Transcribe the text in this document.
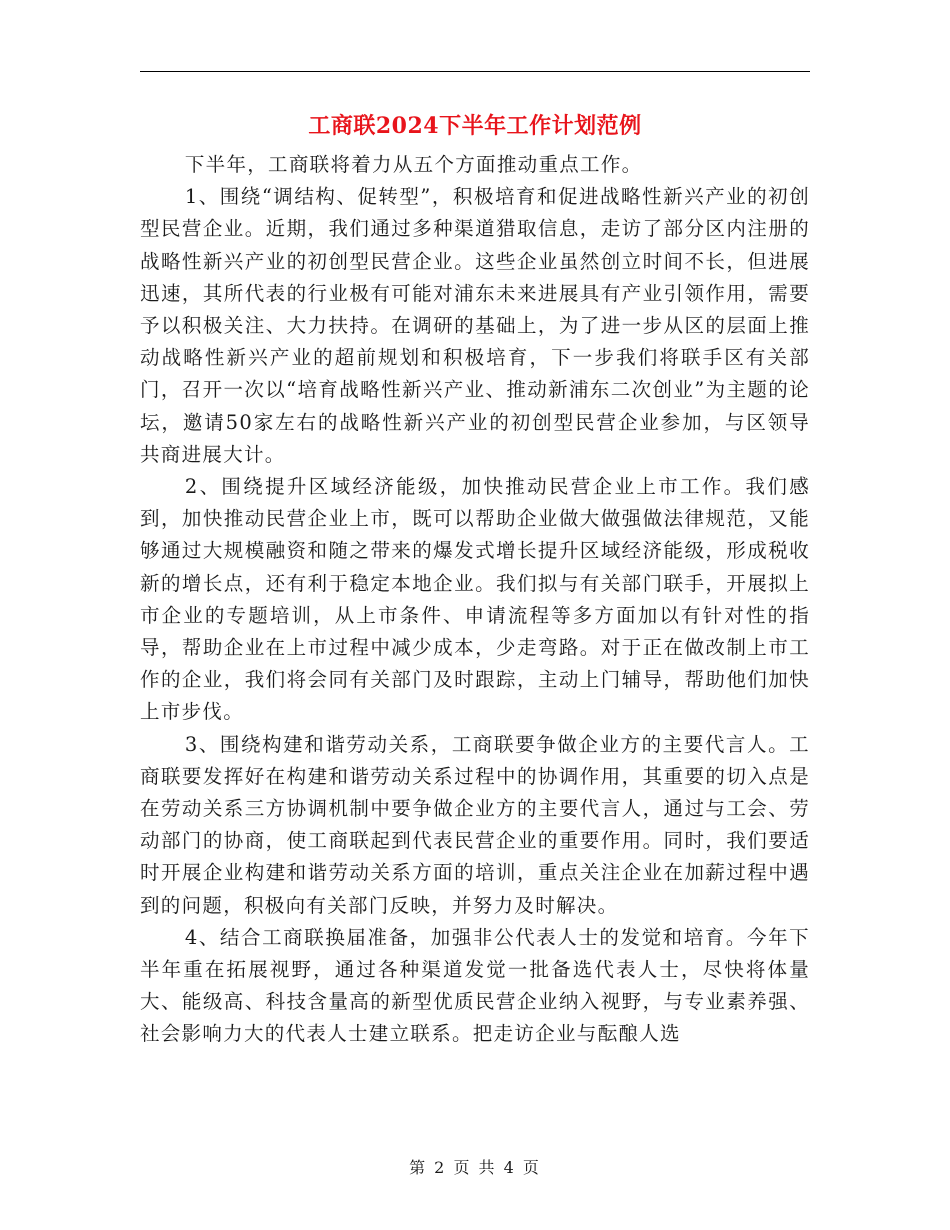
工商联2024下半年工作计划范例

下半年，工商联将着力从五个方面推动重点工作。

1、围绕“调结构、促转型”，积极培育和促进战略性新兴产业的初创型民营企业。近期，我们通过多种渠道猎取信息，走访了部分区内注册的战略性新兴产业的初创型民营企业。这些企业虽然创立时间不长，但进展迅速，其所代表的行业极有可能对浦东未来进展具有产业引领作用，需要予以积极关注、大力扶持。在调研的基础上，为了进一步从区的层面上推动战略性新兴产业的超前规划和积极培育，下一步我们将联手区有关部门，召开一次以“培育战略性新兴产业、推动新浦东二次创业”为主题的论坛，邀请50家左右的战略性新兴产业的初创型民营企业参加，与区领导共商进展大计。

2、围绕提升区域经济能级，加快推动民营企业上市工作。我们感到，加快推动民营企业上市，既可以帮助企业做大做强做法律规范，又能够通过大规模融资和随之带来的爆发式增长提升区域经济能级，形成税收新的增长点，还有利于稳定本地企业。我们拟与有关部门联手，开展拟上市企业的专题培训，从上市条件、申请流程等多方面加以有针对性的指导，帮助企业在上市过程中减少成本，少走弯路。对于正在做改制上市工作的企业，我们将会同有关部门及时跟踪，主动上门辅导，帮助他们加快上市步伐。

3、围绕构建和谐劳动关系，工商联要争做企业方的主要代言人。工商联要发挥好在构建和谐劳动关系过程中的协调作用，其重要的切入点是在劳动关系三方协调机制中要争做企业方的主要代言人，通过与工会、劳动部门的协商，使工商联起到代表民营企业的重要作用。同时，我们要适时开展企业构建和谐劳动关系方面的培训，重点关注企业在加薪过程中遇到的问题，积极向有关部门反映，并努力及时解决。

4、结合工商联换届准备，加强非公代表人士的发觉和培育。今年下半年重在拓展视野，通过各种渠道发觉一批备选代表人士，尽快将体量大、能级高、科技含量高的新型优质民营企业纳入视野，与专业素养强、社会影响力大的代表人士建立联系。把走访企业与酝酿人选

第 2 页 共 4 页
